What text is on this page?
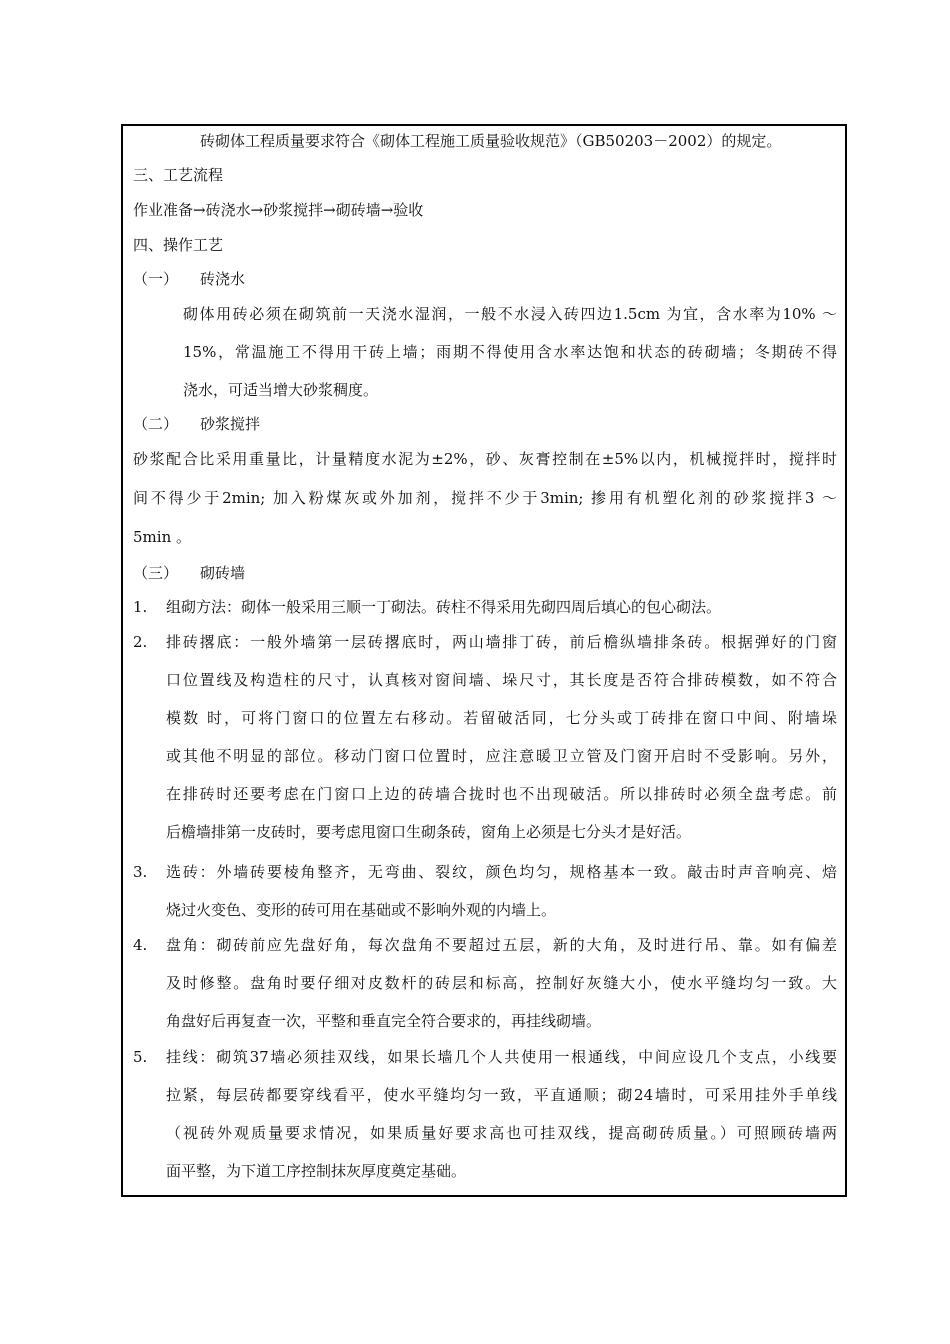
砖砌体工程质量要求符合《砌体工程施工质量验收规范》（GB50203－2002）的规定。
三、工艺流程
作业准备→砖浇水→砂浆搅拌→砌砖墙→验收
四、操作工艺
（一） 砖浇水
砌体用砖必须在砌筑前一天浇水湿润，一般不水浸入砖四边1.5cm 为宜，含水率为10% ～
15%，常温施工不得用干砖上墙；雨期不得使用含水率达饱和状态的砖砌墙；冬期砖不得
浇水，可适当增大砂浆稠度。
（二） 砂浆搅拌
砂浆配合比采用重量比，计量精度水泥为±2%，砂、灰膏控制在±5%以内，机械搅拌时，搅拌时
间不得少于2min; 加入粉煤灰或外加剂，搅拌不少于3min; 掺用有机塑化剂的砂浆搅拌3 ～
5min 。
（三） 砌砖墙
1. 组砌方法：砌体一般采用三顺一丁砌法。砖柱不得采用先砌四周后填心的包心砌法。
2. 排砖撂底：一般外墙第一层砖撂底时，两山墙排丁砖，前后檐纵墙排条砖。根据弹好的门窗
口位置线及构造柱的尺寸，认真核对窗间墙、垛尺寸，其长度是否符合排砖模数，如不符合
模数 时，可将门窗口的位置左右移动。若留破活同，七分头或丁砖排在窗口中间、附墙垛
或其他不明显的部位。移动门窗口位置时，应注意暖卫立管及门窗开启时不受影响。另外，
在排砖时还要考虑在门窗口上边的砖墙合拢时也不出现破活。所以排砖时必须全盘考虑。前
后檐墙排第一皮砖时，要考虑甩窗口生砌条砖，窗角上必须是七分头才是好活。
3. 选砖：外墙砖要棱角整齐，无弯曲、裂纹，颜色均匀，规格基本一致。敲击时声音响亮、焙
烧过火变色、变形的砖可用在基础或不影响外观的内墙上。
4. 盘角：砌砖前应先盘好角，每次盘角不要超过五层，新的大角，及时进行吊、靠。如有偏差
及时修整。盘角时要仔细对皮数杆的砖层和标高，控制好灰缝大小，使水平缝均匀一致。大
角盘好后再复查一次，平整和垂直完全符合要求的，再挂线砌墙。
5. 挂线：砌筑37墙必须挂双线，如果长墙几个人共使用一根通线，中间应设几个支点，小线要
拉紧，每层砖都要穿线看平，使水平缝均匀一致，平直通顺；砌24墙时，可采用挂外手单线
（视砖外观质量要求情况，如果质量好要求高也可挂双线，提高砌砖质量。）可照顾砖墙两
面平整，为下道工序控制抹灰厚度奠定基础。
